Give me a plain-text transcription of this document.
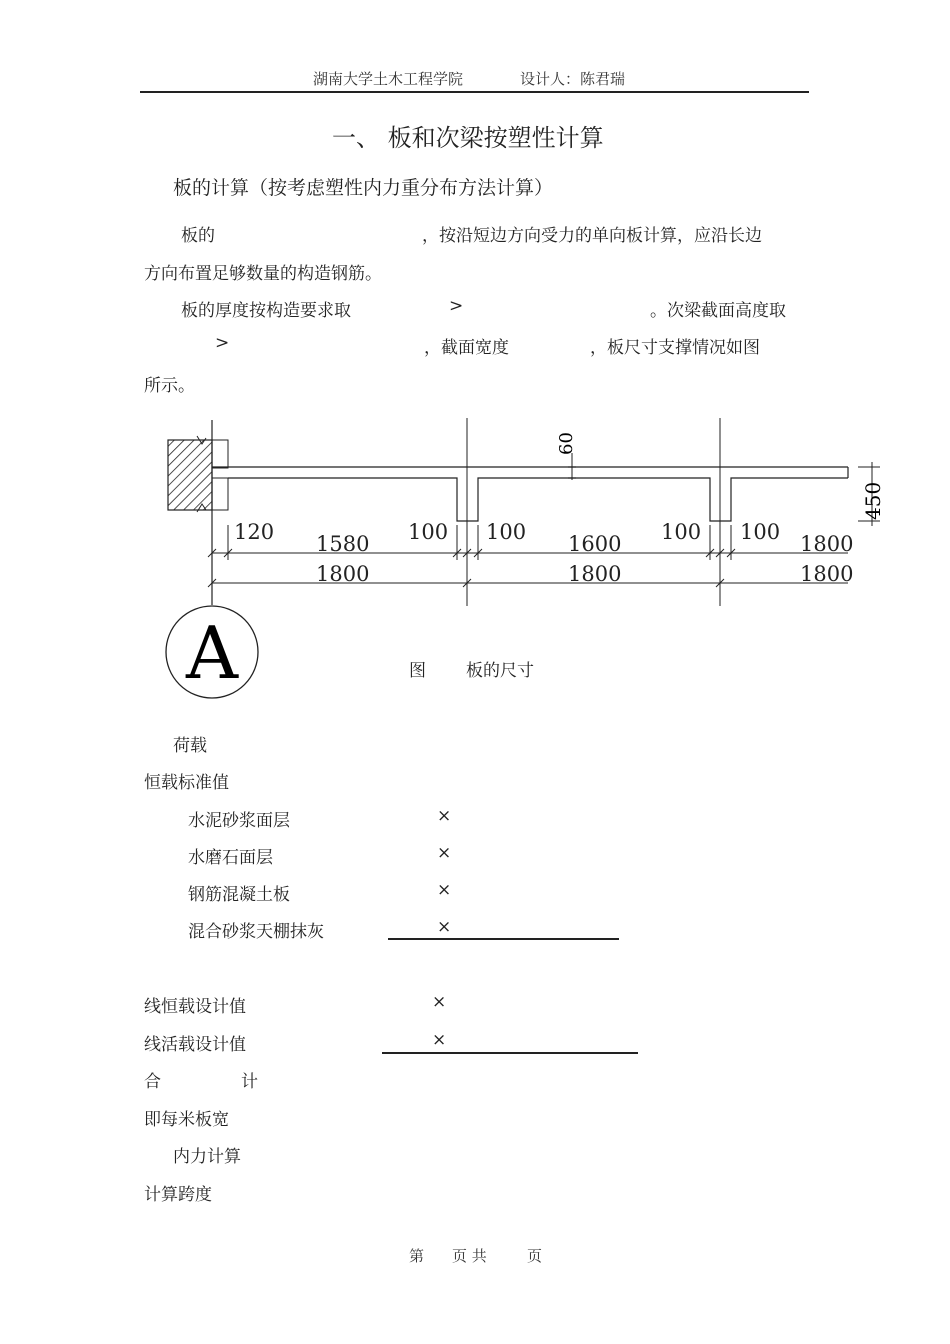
湖南大学土木工程学院	设计人：陈君瑞
一、 板和次梁按塑性计算
板的计算（按考虑塑性内力重分布方法计算）
板的	，按沿短边方向受力的单向板计算，应沿长边
方向布置足够数量的构造钢筋。
板的厚度按构造要求取	>	。次梁截面高度取
>	，截面宽度	，板尺寸支撑情况如图
所示。
60
450
120 1580 100 100 1600 100 100 1800
1800	1800	1800
A	图 板的尺寸
荷载
恒载标准值
水泥砂浆面层	×
水磨石面层	×
钢筋混凝土板	×
混合砂浆天棚抹灰	×
线恒载设计值	×
线活载设计值	×
合	计
即每米板宽
内力计算
计算跨度
第 页 共	页
